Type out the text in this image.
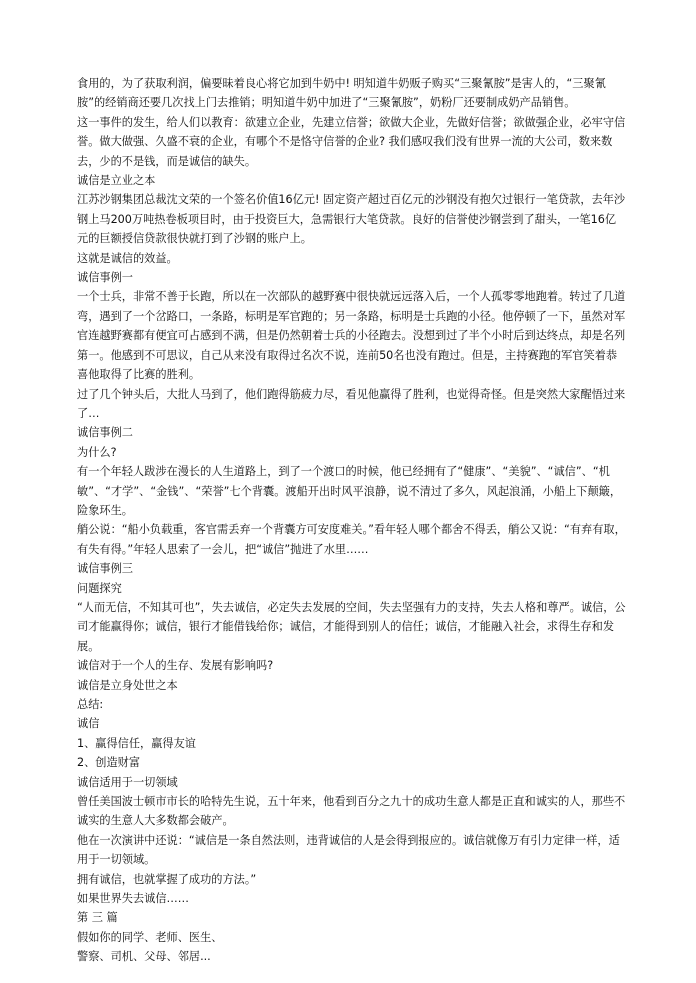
食用的，为了获取利润，偏要昧着良心将它加到牛奶中! 明知道牛奶贩子购买“三聚氰胺”是害人的，“三聚氰胺”的经销商还要几次找上门去推销；明知道牛奶中加进了“三聚氰胺”，奶粉厂还要制成奶产品销售。

这一事件的发生，给人们以教育：欲建立企业，先建立信誉；欲做大企业，先做好信誉；欲做强企业，必牢守信誉。做大做强、久盛不衰的企业，有哪个不是恪守信誉的企业? 我们感叹我们没有世界一流的大公司，数来数去，少的不是钱，而是诚信的缺失。

诚信是立业之本

江苏沙钢集团总裁沈文荣的一个签名价值16亿元! 固定资产超过百亿元的沙钢没有抱欠过银行一笔贷款，去年沙钢上马200万吨热卷板项目时，由于投资巨大，急需银行大笔贷款。良好的信誉使沙钢尝到了甜头，一笔16亿元的巨额授信贷款很快就打到了沙钢的账户上。

这就是诚信的效益。

诚信事例一

一个士兵，非常不善于长跑，所以在一次部队的越野赛中很快就远远落入后，一个人孤零零地跑着。转过了几道弯，遇到了一个岔路口，一条路，标明是军官跑的；另一条路，标明是士兵跑的小径。他停顿了一下，虽然对军官连越野赛都有便宜可占感到不满，但是仍然朝着士兵的小径跑去。没想到过了半个小时后到达终点，却是名列第一。他感到不可思议，自己从来没有取得过名次不说，连前50名也没有跑过。但是，主持赛跑的军官笑着恭喜他取得了比赛的胜利。

过了几个钟头后，大批人马到了，他们跑得筋疲力尽，看见他赢得了胜利，也觉得奇怪。但是突然大家醒悟过来了…

诚信事例二

为什么?

有一个年轻人跋涉在漫长的人生道路上，到了一个渡口的时候，他已经拥有了“健康”、“美貌”、“诚信”、“机敏”、“才学”、“金钱”、“荣誉”七个背囊。渡船开出时风平浪静，说不清过了多久，风起浪涌，小船上下颠簸，险象环生。

艄公说：“船小负载重，客官需丢弃一个背囊方可安度难关。”看年轻人哪个都舍不得丢，艄公又说：“有弃有取，有失有得。”年轻人思索了一会儿，把“诚信”抛进了水里……

诚信事例三

问题探究

“人而无信，不知其可也”，失去诚信，必定失去发展的空间，失去坚强有力的支持，失去人格和尊严。诚信，公司才能赢得你；诚信，银行才能借钱给你；诚信，才能得到别人的信任；诚信，才能融入社会，求得生存和发展。

诚信对于一个人的生存、发展有影响吗?

诚信是立身处世之本

总结:

诚信

1、赢得信任，赢得友谊

2、创造财富

诚信适用于一切领域

曾任美国波士顿市市长的哈特先生说，五十年来，他看到百分之九十的成功生意人都是正直和诚实的人，那些不诚实的生意人大多数都会破产。

他在一次演讲中还说：“诚信是一条自然法则，违背诚信的人是会得到报应的。诚信就像万有引力定律一样，适用于一切领域。

拥有诚信，也就掌握了成功的方法。”

如果世界失去诚信……

第 三 篇

假如你的同学、老师、医生、

警察、司机、父母、邻居...
